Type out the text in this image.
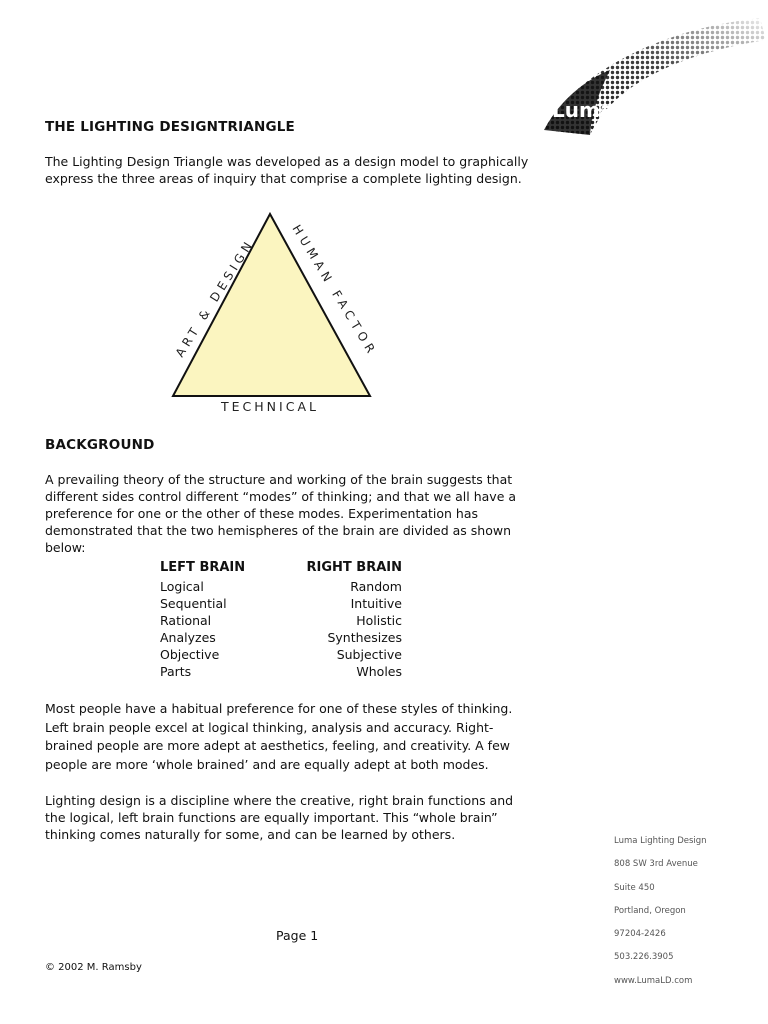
Luma
THE LIGHTING DESIGNTRIANGLE

The Lighting Design Triangle was developed as a design model to graphically express the three areas of inquiry that comprise a complete lighting design.

ART & DESIGN
HUMAN FACTOR
TECHNICAL
BACKGROUND

A prevailing theory of the structure and working of the brain suggests that different sides control different “modes” of thinking; and that we all have a preference for one or the other of these modes. Experimentation has demonstrated that the two hemispheres of the brain are divided as shown below:

LEFT BRAIN	RIGHT BRAIN
Logical	Random
Sequential	Intuitive
Rational	Holistic
Analyzes	Synthesizes
Objective	Subjective
Parts	Wholes

Most people have a habitual preference for one of these styles of thinking. Left brain people excel at logical thinking, analysis and accuracy. Right-brained people are more adept at aesthetics, feeling, and creativity. A few people are more ‘whole brained’ and are equally adept at both modes.

Lighting design is a discipline where the creative, right brain functions and the logical, left brain functions are equally important. This “whole brain” thinking comes naturally for some, and can be learned by others.	Luma Lighting Design
808 SW 3rd Avenue
Suite 450
Portland, Oregon
97204-2426
503.226.3905
www.LumaLD.com
Page 1
© 2002 M. Ramsby
